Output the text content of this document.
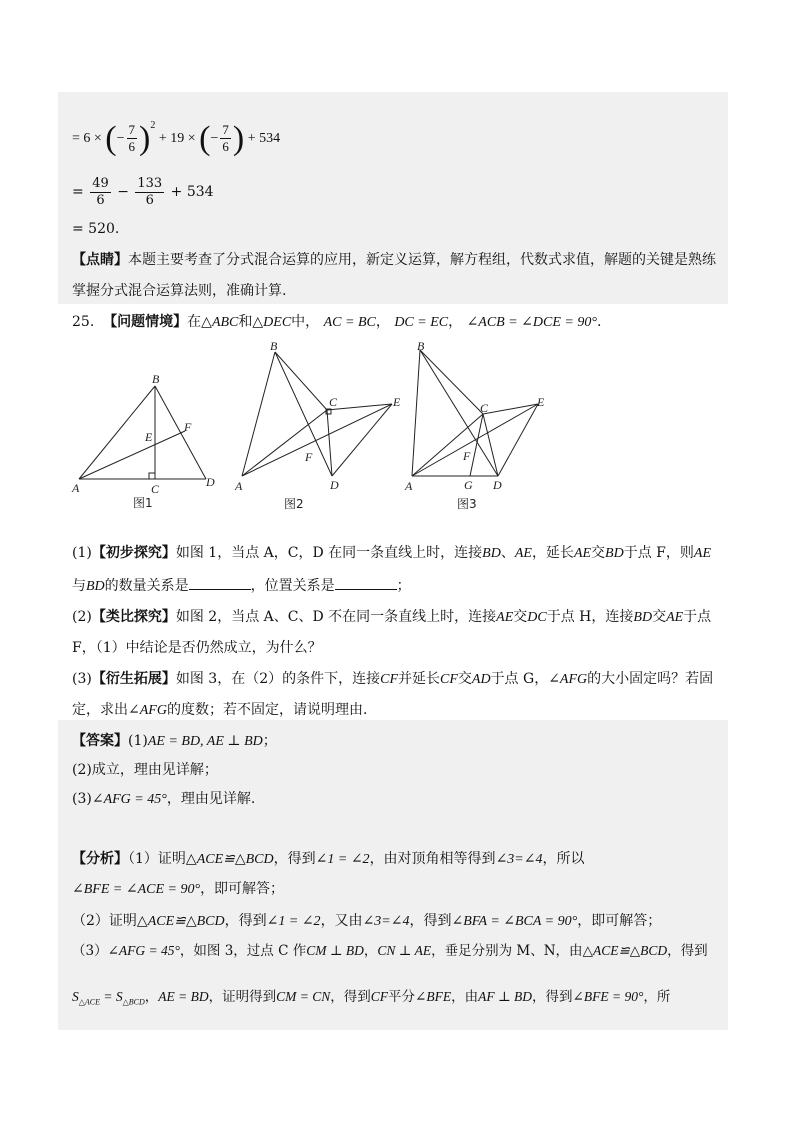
= 6 × (− $\frac{7}{6} )^2 + 19$ × (− $\frac{7}{6}$ ) + 534
= $\frac{49}{6} - \frac{133}{6} + 534$
= 520.
【点睛】本题主要考查了分式混合运算的应用，新定义运算，解方程组，代数式求值，解题的关键是熟练
掌握分式混合运算法则，准确计算.
25. 【问题情境】在△ABC和△DEC中， AC = BC， DC = EC， ∠ACB = ∠DCE = 90°.
A
B
C	D
E
F
图1
A
B
C
D
E
F
图2
A
B
C
D
E
F
G
图3
(1)【初步探究】如图 1，当点 A，C，D 在同一条直线上时，连接BD、AE，延长AE交BD于点 F，则AE
与BD的数量关系是	，位置关系是	；
(2)【类比探究】如图 2，当点 A、C、D 不在同一条直线上时，连接AE交DC于点 H，连接BD交AE于点
F，（1）中结论是否仍然成立，为什么？
(3)【衍生拓展】如图 3，在（2）的条件下，连接CF并延长CF交AD于点 G，∠AFG的大小固定吗？若固
定，求出∠AFG的度数；若不固定，请说明理由.
【答案】(1)AE = BD, AE ⊥ BD；
(2)成立，理由见详解；
(3)∠AFG = 45°，理由见详解.
【分析】（1）证明△ACE≌△BCD，得到∠1 = ∠2，由对顶角相等得到∠3=∠4，所以
∠BFE = ∠ACE = 90°，即可解答；
（2）证明△ACE≌△BCD，得到∠1 = ∠2，又由∠3=∠4，得到∠BFA = ∠BCA = 90°，即可解答；
（3）∠AFG = 45°，如图 3，过点 C 作CM ⊥ BD，CN ⊥ AE，垂足分别为 M、N，由△ACE≌△BCD，得到
$S_{\triangle ACE} = S_{\triangle BCD}$，AE = BD，证明得到CM = CN，得到CF平分∠BFE，由AF ⊥ BD，得到∠BFE = 90°，所
